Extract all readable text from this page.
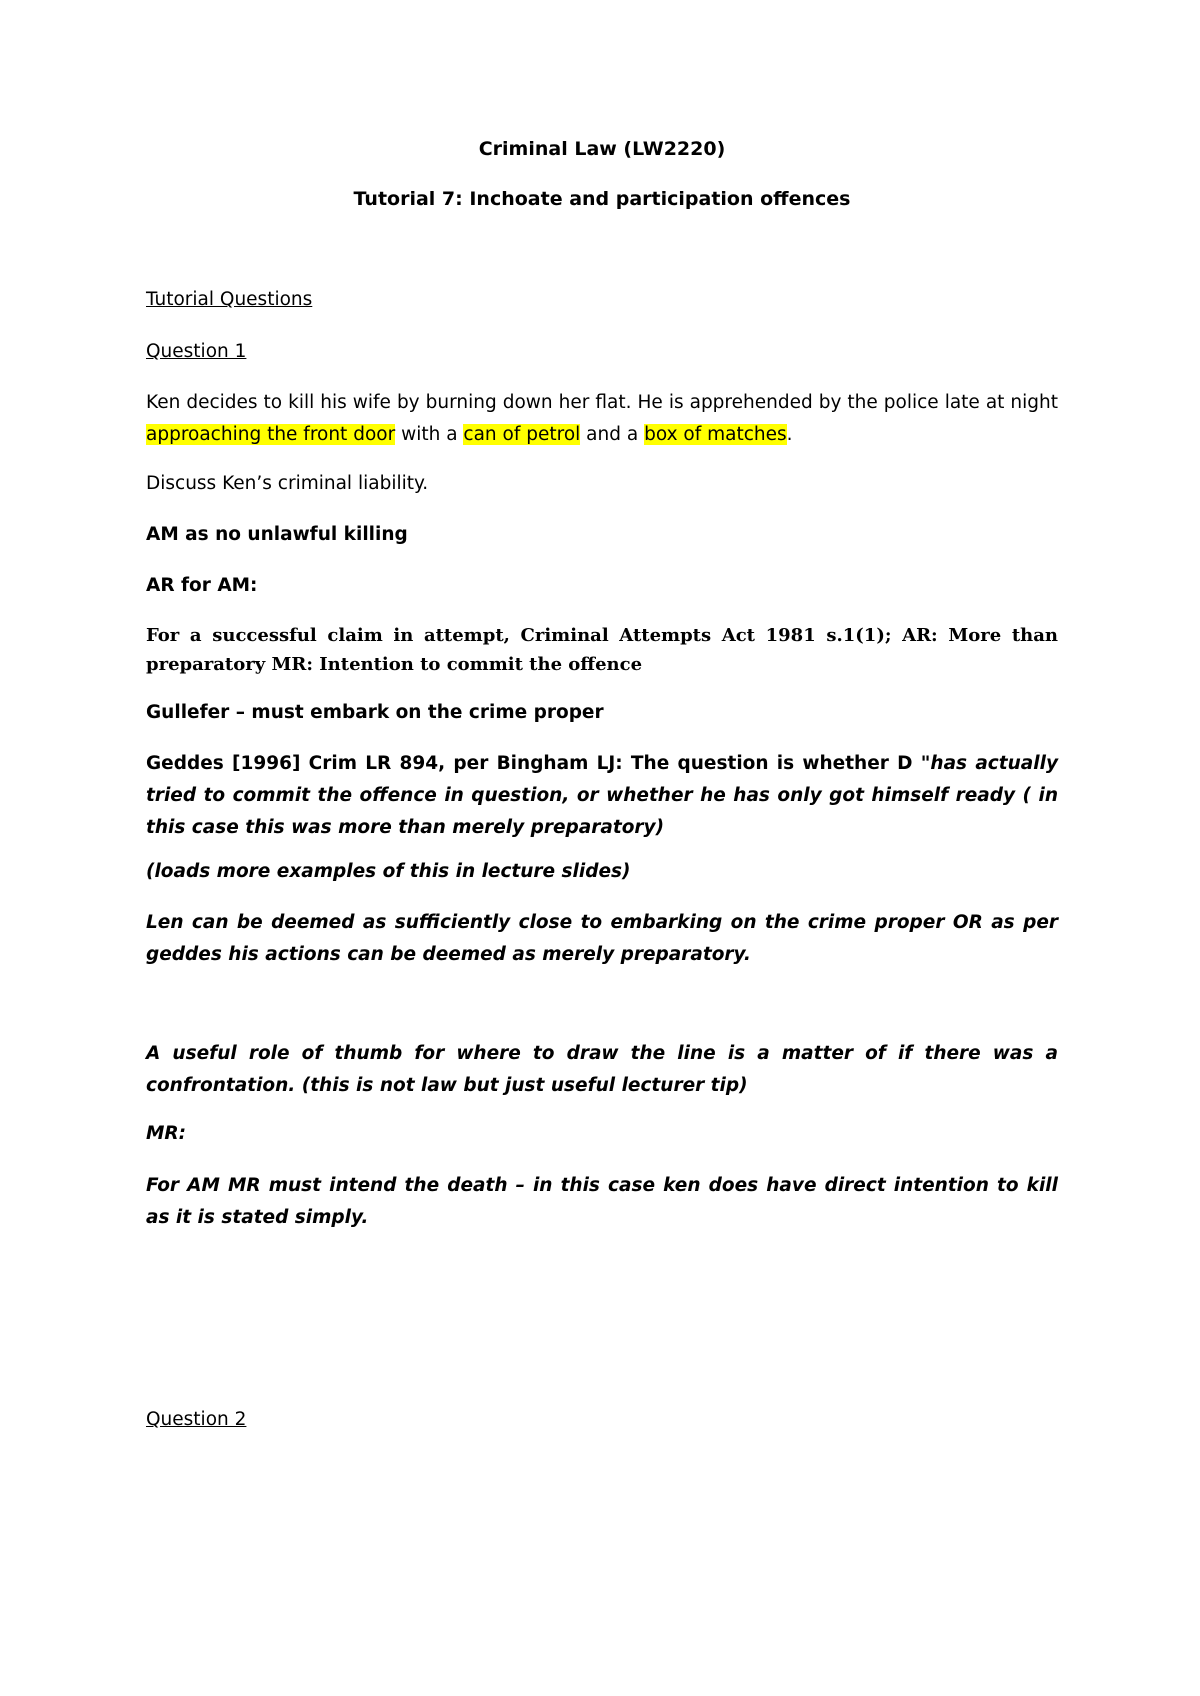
Criminal Law (LW2220)

Tutorial 7: Inchoate and participation offences

Tutorial Questions

Question 1

Ken decides to kill his wife by burning down her flat. He is apprehended by the police late at night approaching the front door with a can of petrol and a box of matches.

Discuss Ken’s criminal liability.

AM as no unlawful killing

AR for AM:

For a successful claim in attempt, Criminal Attempts Act 1981 s.1(1); AR: More than preparatory MR: Intention to commit the offence

Gullefer – must embark on the crime proper

Geddes [1996] Crim LR 894, per Bingham LJ: The question is whether D "has actually tried to commit the offence in question, or whether he has only got himself ready ( in this case this was more than merely preparatory)

(loads more examples of this in lecture slides)

Len can be deemed as sufficiently close to embarking on the crime proper OR as per geddes his actions can be deemed as merely preparatory.

A useful role of thumb for where to draw the line is a matter of if there was a confrontation. (this is not law but just useful lecturer tip)

MR:

For AM MR must intend the death – in this case ken does have direct intention to kill as it is stated simply.

Question 2
